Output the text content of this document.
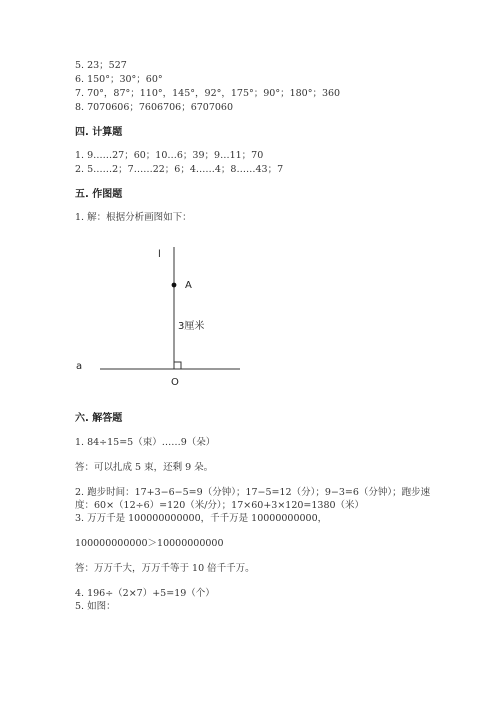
5. 23；527
6. 150°；30°；60°
7. 70°，87°；110°，145°，92°，175°；90°；180°；360
8. 7070606；7606706；6707060
四. 计算题
1. 9……27；60；10…6；39；9…11；70
2. 5……2；7……22；6；4……4；8……43；7
五. 作图题
1. 解：根据分析画图如下：
l
A
3厘米
a
O
六. 解答题
1. 84÷15=5（束）……9（朵）
答：可以扎成 5 束，还剩 9 朵。
2. 跑步时间：17+3−6−5=9（分钟）；17−5=12（分）；9−3=6（分钟）；跑步速
度：60×（12÷6）=120（米/分）；17×60+3×120=1380（米）
3. 万万千是 100000000000，千千万是 10000000000，
100000000000＞10000000000
答：万万千大，万万千等于 10 倍千千万。
4. 196÷（2×7）+5=19（个）
5. 如图：
